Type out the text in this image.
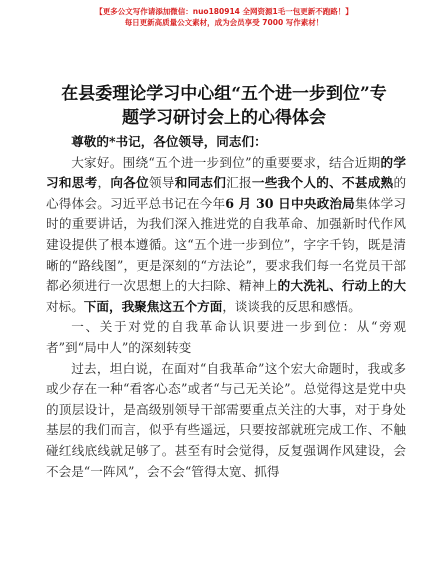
【更多公文写作请添加微信：nuo180914 全网资源1毛一包更新不跑路！】
每日更新高质量公文素材，成为会员享受 7000 写作素材！
在县委理论学习中心组“五个进一步到位”专
题学习研讨会上的心得体会

尊敬的*书记，各位领导，同志们：

大家好。围绕“五个进一步到位”的重要要求，结合近期的学习和思考，向各位领导和同志们汇报一些我个人的、不甚成熟的心得体会。习近平总书记在今年6 月 30 日中央政治局集体学习时的重要讲话，为我们深入推进党的自我革命、加强新时代作风建设提供了根本遵循。这“五个进一步到位”，字字千钧，既是清晰的“路线图”，更是深刻的“方法论”，要求我们每一名党员干部都必须进行一次思想上的大扫除、精神上的大洗礼、行动上的大对标。下面，我聚焦这五个方面，谈谈我的反思和感悟。

一、关于对党的自我革命认识要进一步到位：从“旁观者”到“局中人”的深刻转变

过去，坦白说，在面对“自我革命”这个宏大命题时，我或多或少存在一种“看客心态”或者“与己无关论”。总觉得这是党中央的顶层设计，是高级别领导干部需要重点关注的大事，对于身处基层的我们而言，似乎有些遥远，只要按部就班完成工作、不触碰红线底线就足够了。甚至有时会觉得，反复强调作风建设，会不会是“一阵风”，会不会“管得太宽、抓得
